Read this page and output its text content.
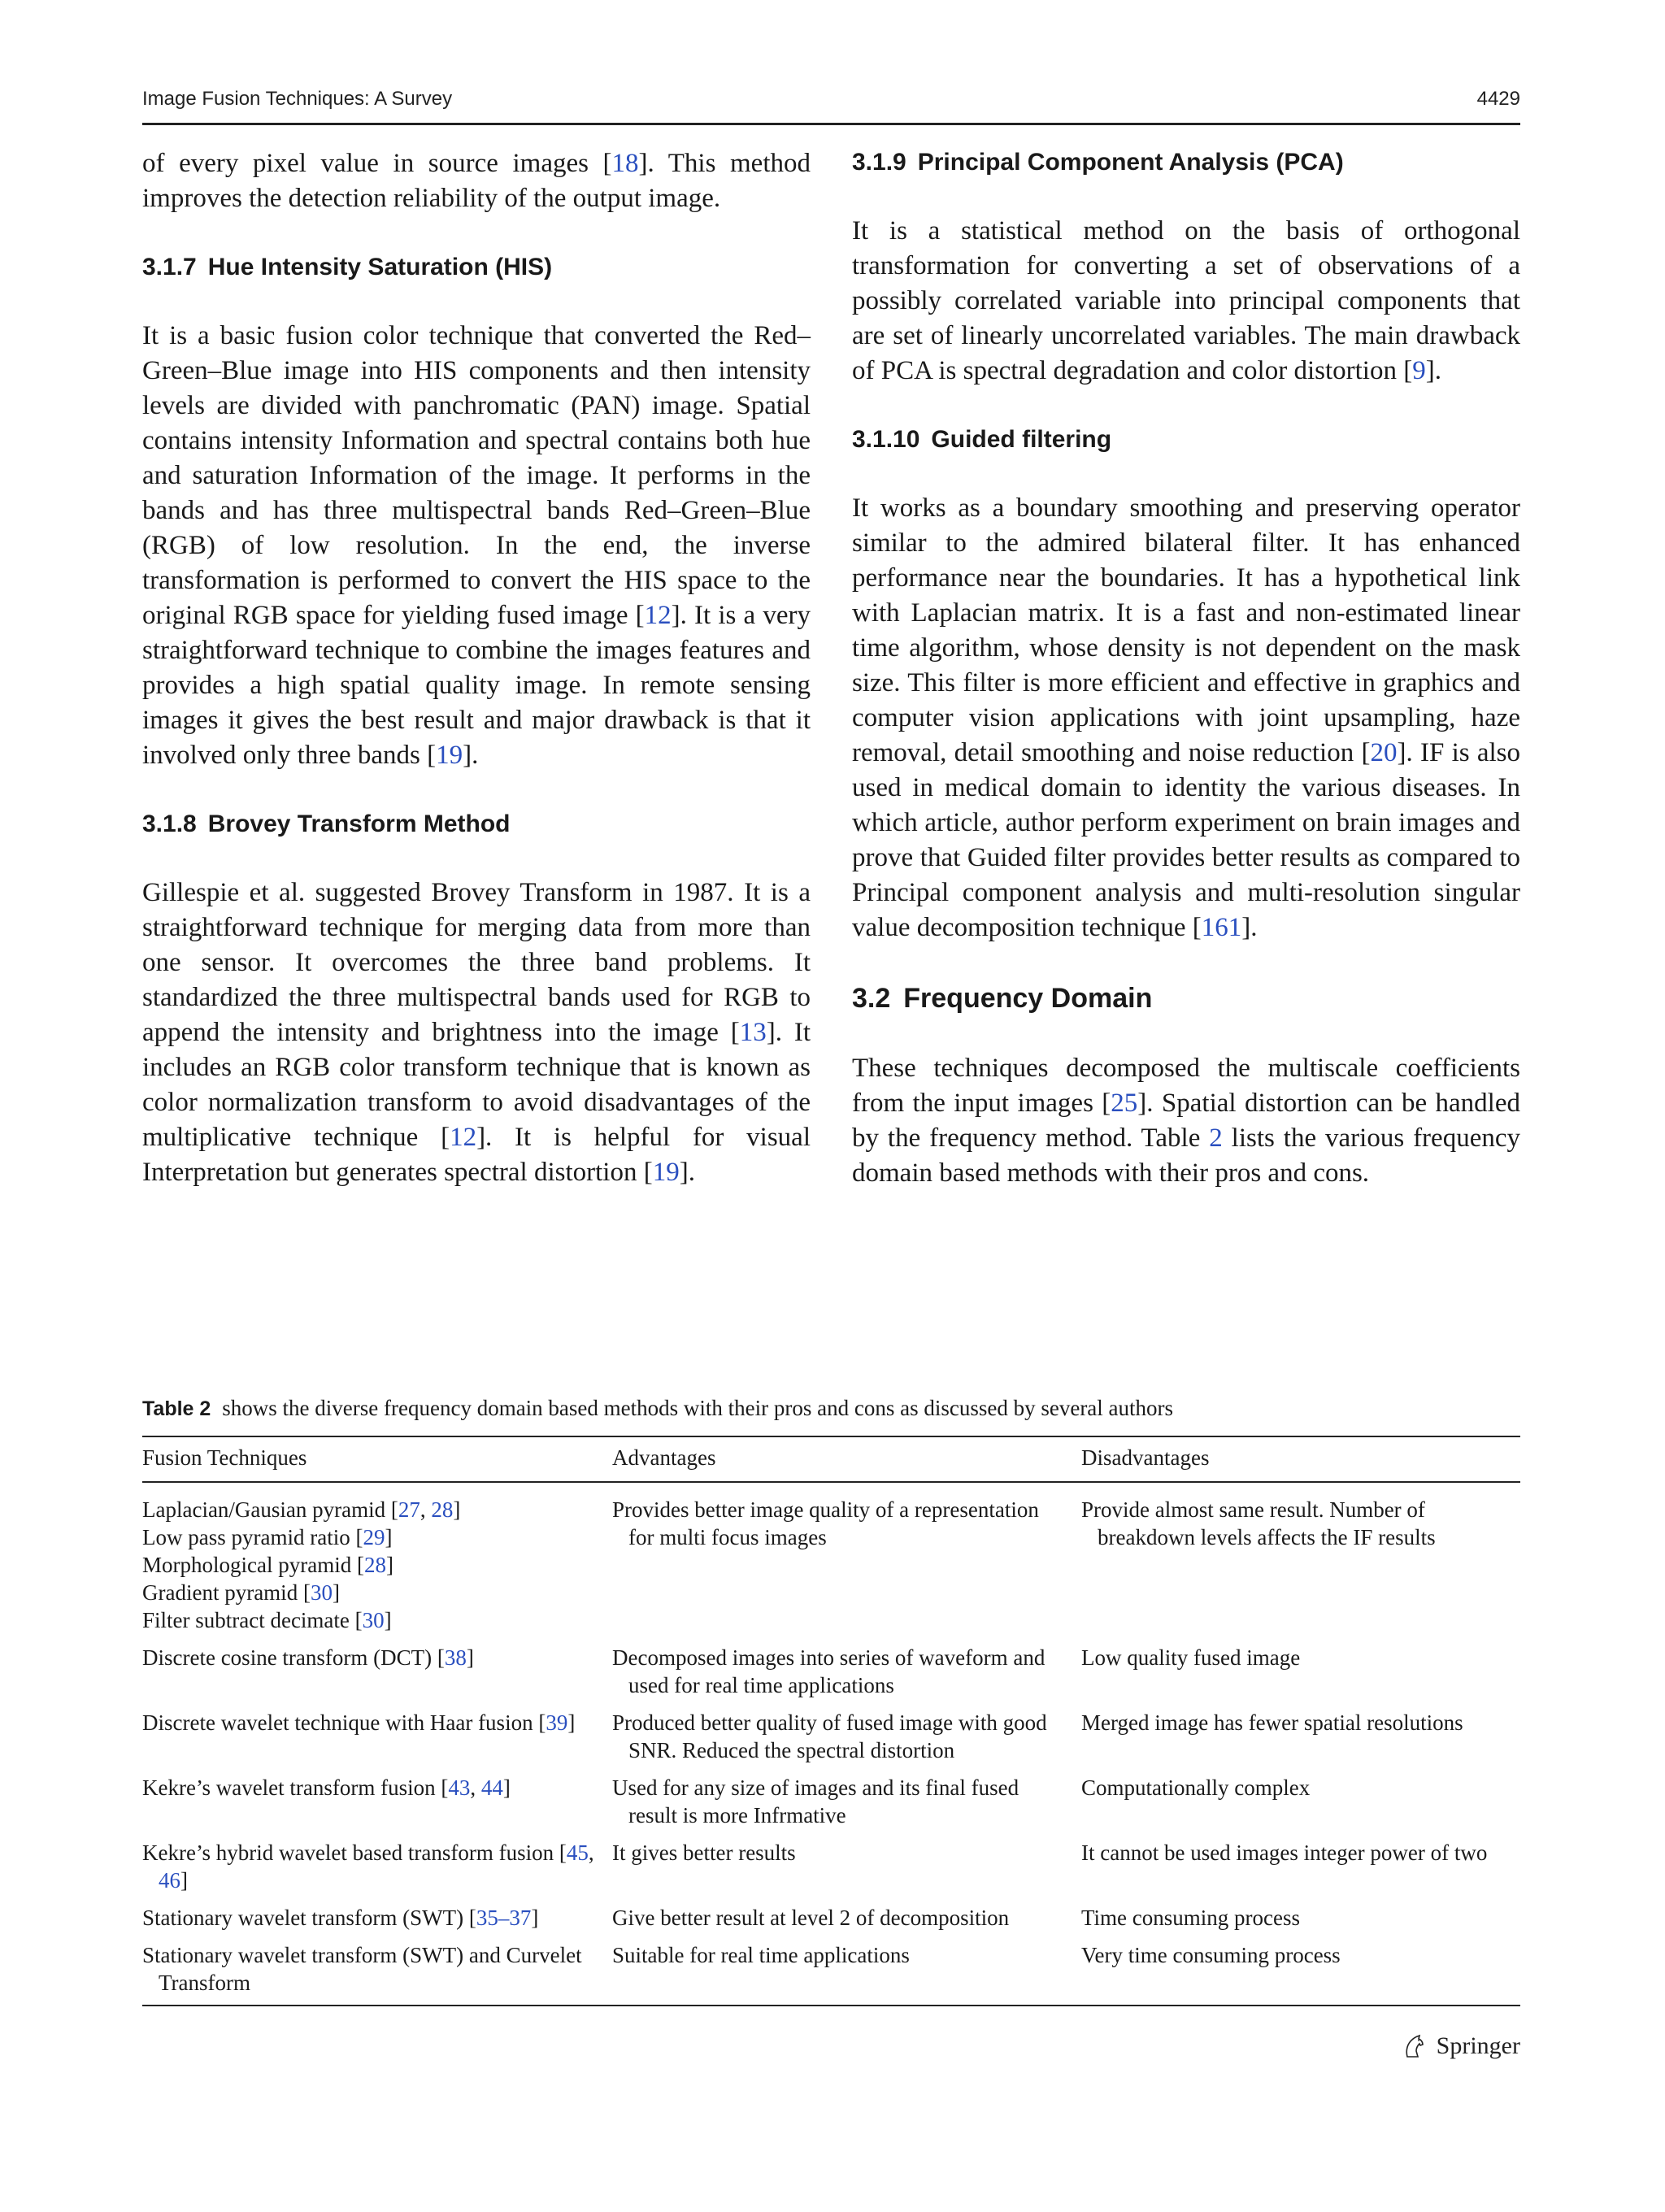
Image Fusion Techniques: A Survey	4429

of every pixel value in source images [18]. This method improves the detection reliability of the output image.

3.1.7 Hue Intensity Saturation (HIS)

It is a basic fusion color technique that converted the Red–Green–Blue image into HIS components and then intensity levels are divided with panchromatic (PAN) image. Spatial contains intensity Information and spectral contains both hue and saturation Information of the image. It performs in the bands and has three multispectral bands Red–Green–Blue (RGB) of low resolution. In the end, the inverse transformation is performed to convert the HIS space to the original RGB space for yielding fused image [12]. It is a very straightforward technique to combine the images features and provides a high spatial quality image. In remote sensing images it gives the best result and major drawback is that it involved only three bands [19].

3.1.8 Brovey Transform Method

Gillespie et al. suggested Brovey Transform in 1987. It is a straightforward technique for merging data from more than one sensor. It overcomes the three band problems. It standardized the three multispectral bands used for RGB to append the intensity and brightness into the image [13]. It includes an RGB color transform technique that is known as color normalization transform to avoid disadvantages of the multiplicative technique [12]. It is helpful for visual Interpretation but generates spectral distortion [19].

3.1.9 Principal Component Analysis (PCA)

It is a statistical method on the basis of orthogonal transformation for converting a set of observations of a possibly correlated variable into principal components that are set of linearly uncorrelated variables. The main drawback of PCA is spectral degradation and color distortion [9].

3.1.10 Guided filtering

It works as a boundary smoothing and preserving operator similar to the admired bilateral filter. It has enhanced performance near the boundaries. It has a hypothetical link with Laplacian matrix. It is a fast and non-estimated linear time algorithm, whose density is not dependent on the mask size. This filter is more efficient and effective in graphics and computer vision applications with joint upsampling, haze removal, detail smoothing and noise reduction [20]. IF is also used in medical domain to identity the various diseases. In which article, author perform experiment on brain images and prove that Guided filter provides better results as compared to Principal component analysis and multi-resolution singular value decomposition technique [161].

3.2 Frequency Domain

These techniques decomposed the multiscale coefficients from the input images [25]. Spatial distortion can be handled by the frequency method. Table 2 lists the various frequency domain based methods with their pros and cons.

Table 2 shows the diverse frequency domain based methods with their pros and cons as discussed by several authors
Fusion Techniques	Advantages	Disadvantages

Laplacian/Gausian pyramid [27, 28]
Low pass pyramid ratio [29]
Morphological pyramid [28]
Gradient pyramid [30]
Filter subtract decimate [30]	Provides better image quality of a representation for multi focus images	Provide almost same result. Number of breakdown levels affects the IF results

Discrete cosine transform (DCT) [38]	Decomposed images into series of waveform and used for real time applications	Low quality fused image

Discrete wavelet technique with Haar fusion [39]	Produced better quality of fused image with good SNR. Reduced the spectral distortion	Merged image has fewer spatial resolutions

Kekre’s wavelet transform fusion [43, 44]	Used for any size of images and its final fused result is more Infrmative	Computationally complex

Kekre’s hybrid wavelet based transform fusion [45, 46]	It gives better results	It cannot be used images integer power of two

Stationary wavelet transform (SWT) [35–37]	Give better result at level 2 of decomposition	Time consuming process

Stationary wavelet transform (SWT) and Curvelet Transform	Suitable for real time applications	Very time consuming process
Springer
